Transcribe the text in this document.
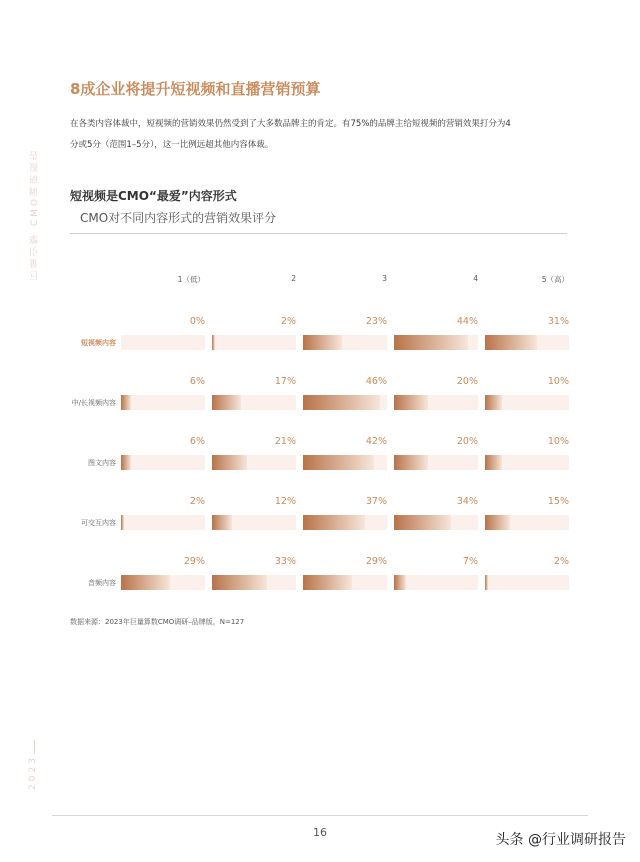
巨量引擎 CMO调研报告
2023
8成企业将提升短视频和直播营销预算
在各类内容体裁中，短视频的营销效果仍然受到了大多数品牌主的肯定。有75%的品牌主给短视频的营销效果打分为4
分或5分（范围1–5分），这一比例远超其他内容体裁。
短视频是CMO“最爱”内容形式
CMO对不同内容形式的营销效果评分
1（低）	2	3	4	5（高）
短视频内容
0%	2%	23%	44%	31%
中/长视频内容
6%	17%	46%	20%	10%
图文内容
6%	21%	42%	20%	10%
可交互内容
2%	12%	37%	34%	15%
音频内容
29%	33%	29%	7%	2%
数据来源：2023年巨量算数CMO调研–品牌版，N=127
16	头条 @行业调研报告
